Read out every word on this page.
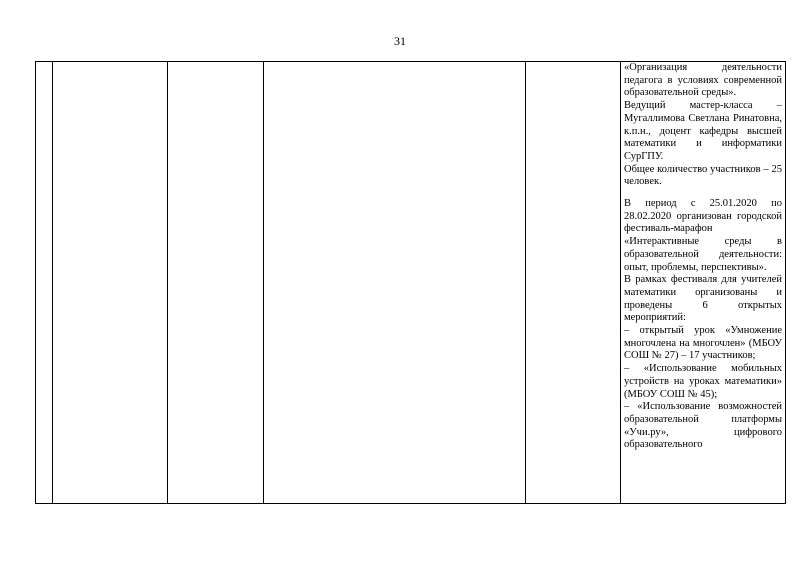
31

«Организация деятельности педагога в условиях современной образовательной среды».

Ведущий мастер-класса – Мугаллимова Светлана Ринатовна, к.п.н., доцент кафедры высшей математики и информатики СурГПУ.

Общее количество участников – 25 человек.

В период с 25.01.2020 по 28.02.2020 организован городской фестиваль-марафон «Интерактивные среды в образовательной деятельности: опыт, проблемы, перспективы».

В рамках фестиваля для учителей математики организованы и проведены 6 открытых мероприятий:

– открытый урок «Умножение многочлена на многочлен» (МБОУ СОШ № 27) – 17 участников;

– «Использование мобильных устройств на уроках математики» (МБОУ СОШ № 45);

– «Использование возможностей образовательной платформы «Учи.ру», цифрового образовательного
